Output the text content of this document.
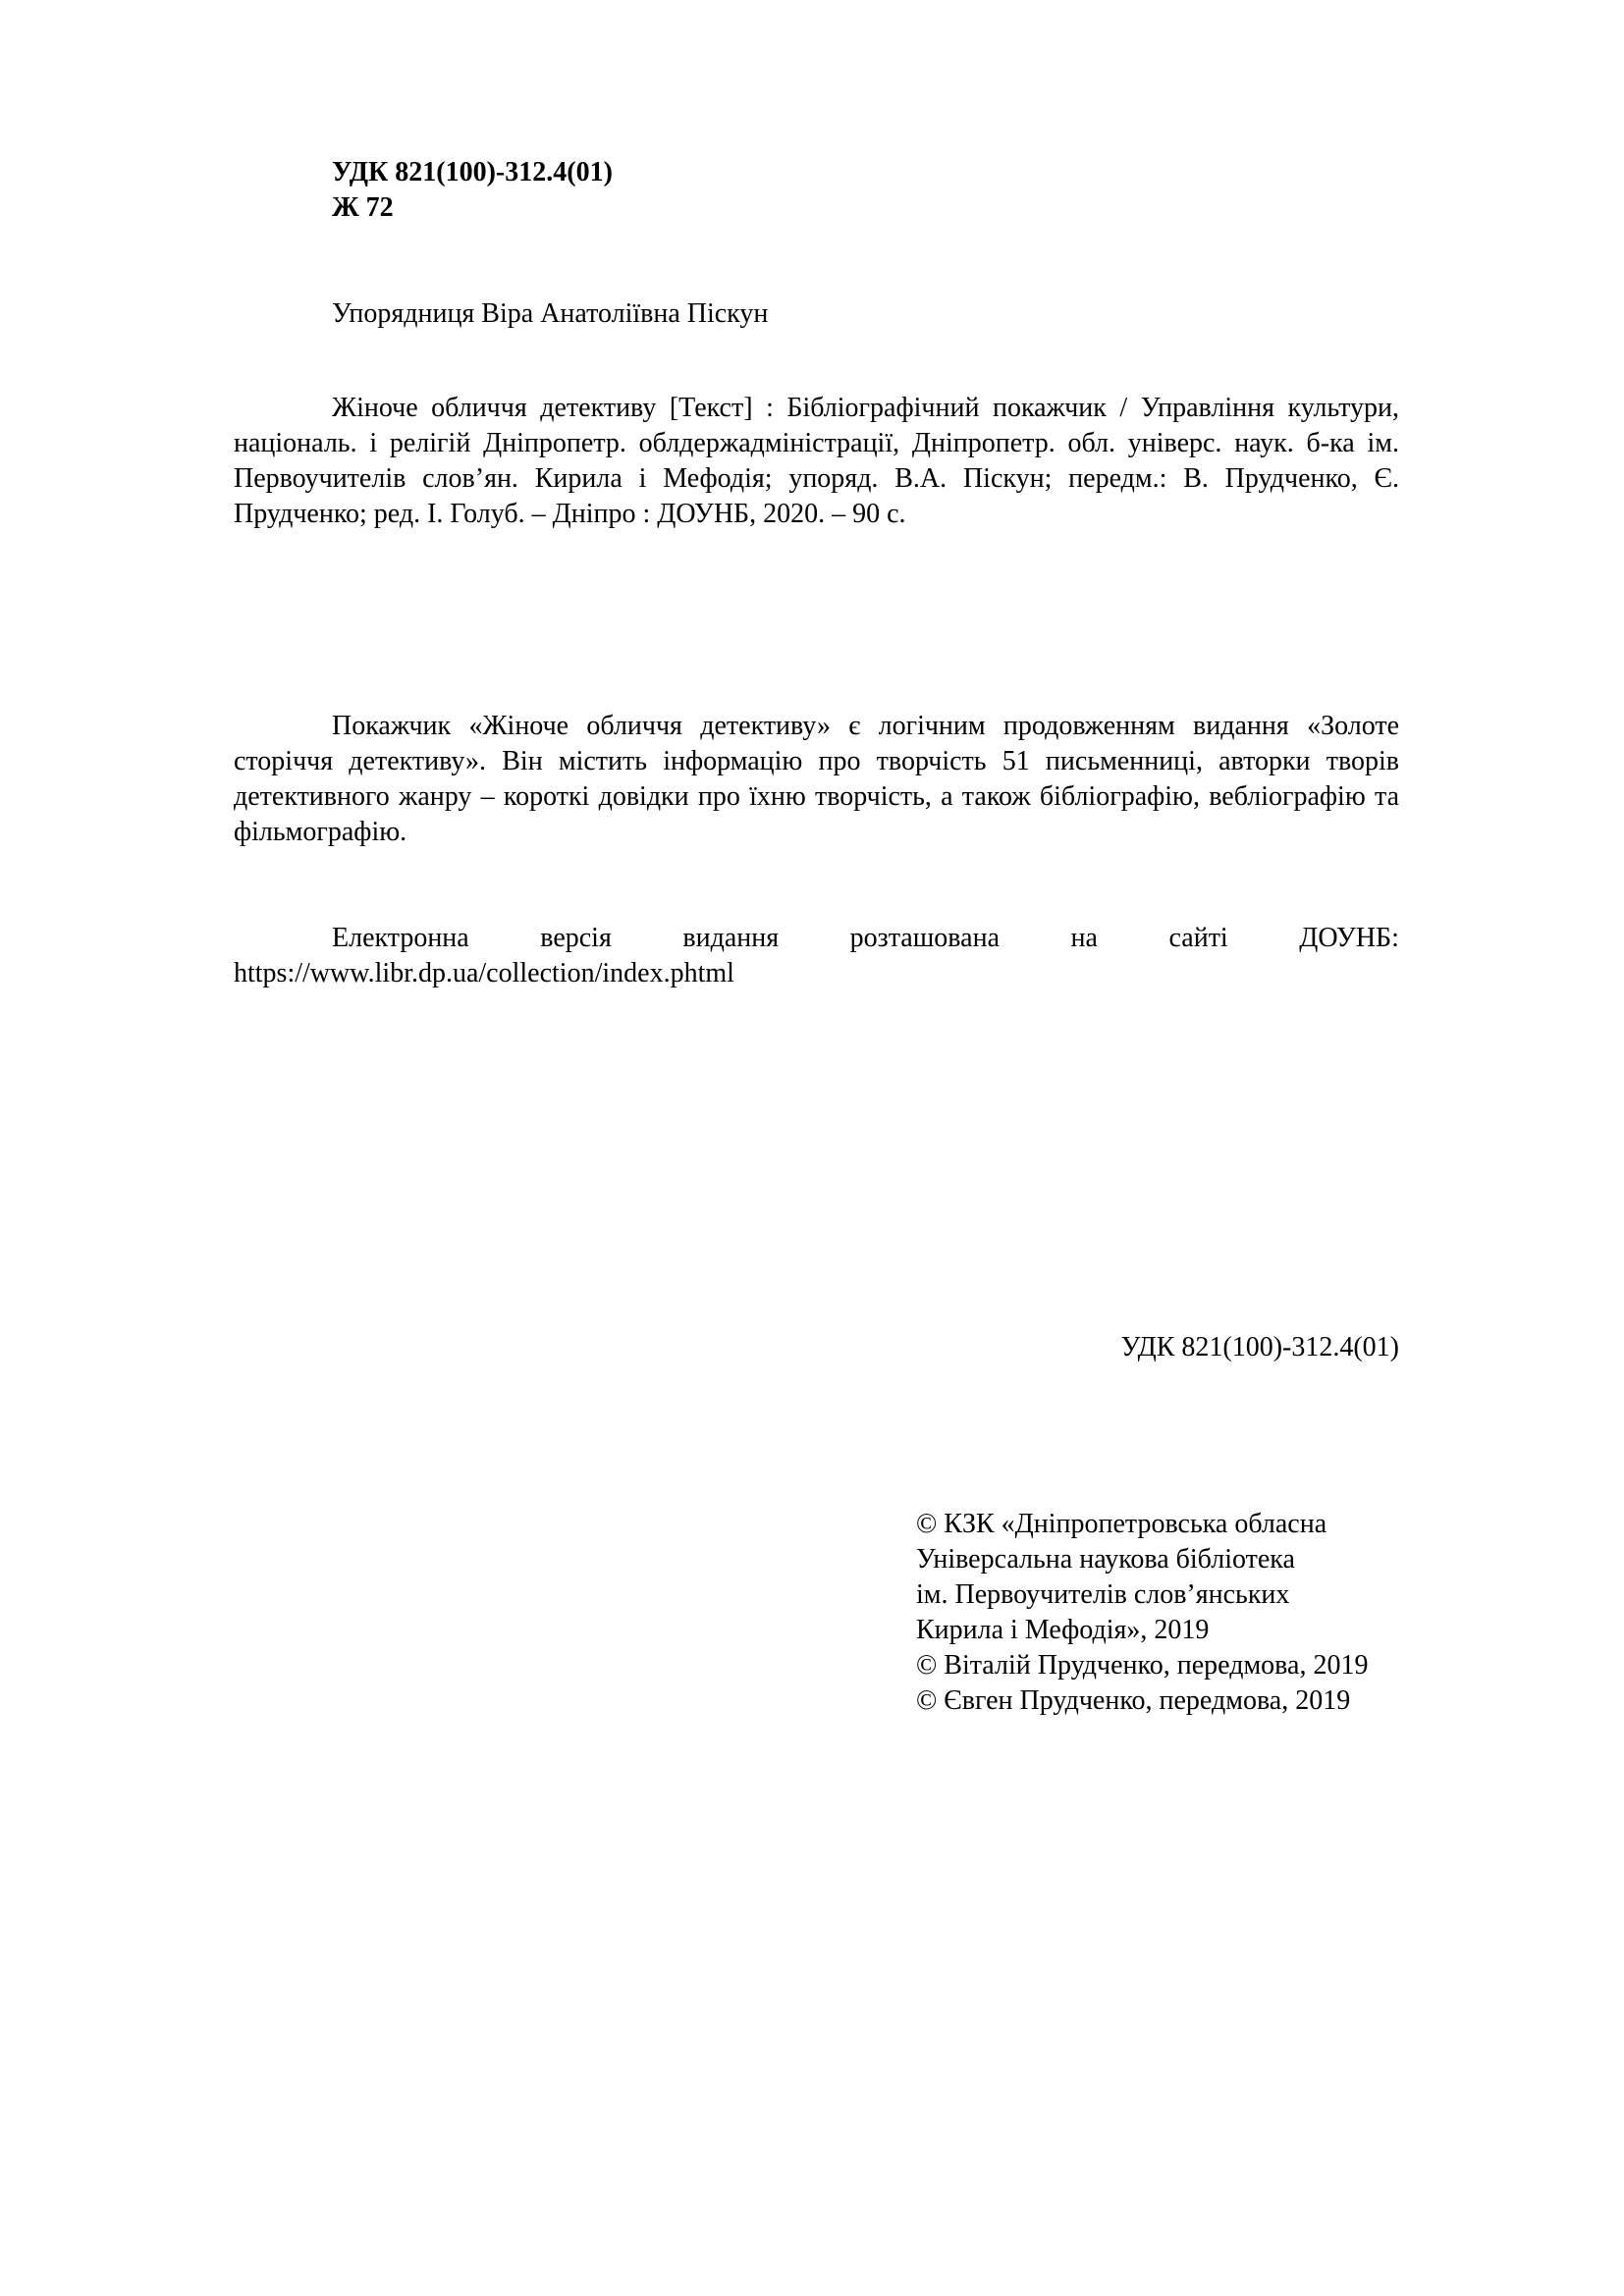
УДК 821(100)-312.4(01)
Ж 72
Упорядниця Віра Анатоліївна Піскун
Жіноче обличчя детективу [Текст] : Бібліографічний покажчик / Управління культури, національ. і релігій Дніпропетр. облдержадміністрації, Дніпропетр. обл. універс. наук. б-ка ім. Первоучителів слов’ян. Кирила і Мефодія; упоряд. В.А. Піскун; передм.: В. Прудченко, Є. Прудченко; ред. І. Голуб. – Дніпро : ДОУНБ, 2020. – 90 с.
Покажчик «Жіноче обличчя детективу» є логічним продовженням видання «Золоте сторіччя детективу». Він містить інформацію про творчість 51 письменниці, авторки творів детективного жанру – короткі довідки про їхню творчість, а також бібліографію, вебліографію та фільмографію.
Електронна	версія	видання	розташована	на	сайті	ДОУНБ:
https://www.libr.dp.ua/collection/index.phtml
УДК 821(100)-312.4(01)
© КЗК «Дніпропетровська обласна
Універсальна наукова бібліотека
ім. Первоучителів слов’янських
Кирила і Мефодія», 2019
© Віталій Прудченко, передмова, 2019
© Євген Прудченко, передмова, 2019
